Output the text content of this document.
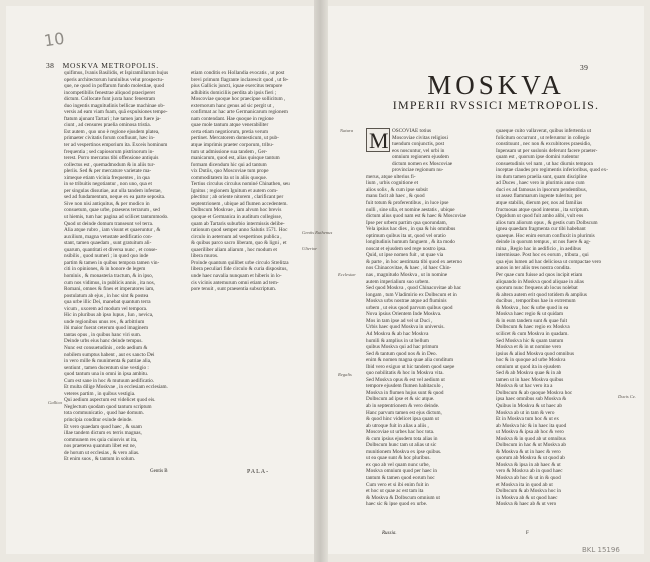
10
38 MOSKVA METROPOLIS.
quifimus, Ivanis Basilidis, et Ispiramillarum hujus
operis architectorum luminibus velut prospectu-
que, ne quod in poffarum fundo molestiae, quod
incompetibilis fenestrae aliquod praeciperet
dictum. Collocate funt juxta hanc fenestram
duo ingentis magnitudinis bellicae machinae ob-
versis ad eam viam fuam, quâ expulsiones tempe-
ftatum ajunant Tartari ; hæ tamen jam fuere ja-
ciunt , ad censures praelia ominosa tristia.
Est autem , quo uno è regione ejusdem platea,
primaeter civitatis forum confluunt, hæc in-
ter ad vespertinos emporium ita. Exceis hominum
frequentia ; sed capiosorum pistrinorum in-
terest. Porro mercatus tibi offensione antiquis
collectus est , quemadmodum & in aliis tur-
pleriis. Sed & per mercature varietate ma-
ximeque etiam vicinia frequentes , in qua
in se tribuitis negotiantur , non uno, qua et
per singulas dissutiae, aut ulla tandem infestae,
sed ad fundamentum, neque ex ea parte seposita.
Sive non nisi antiquitus, & per modico in
consuetum, quae urbe, praesens terrarum , sed
ut hiemis, tum hac pagina ad scilicet tantummodo.
Quod ut deinde domum transeunt vel terra.
Alia atque rubro , iam visunt et quaeruntur , &
auxilium, magna vetustate aedificatio con-
stant, tamen quaedam , sunt gratuitum ali-
quarum, quantitati et diversa nunc , et conse-
nsibilis , quod numeri ; in quod quo inde
partim & tamen in quibus tempora tamen vin-
citi in opiniones, & in honore de legem
hominis , & monasteria tractum, & in ipso,
cum nos vidimus, in publicis annis , ita nos,
Romani, omnes & fines et imperatores iam,
postulatum ab ejus , in hoc sint & postea
qua urbe illic Dei, manebat quantum terra
vicum , uxorem ad modum vel tempora.
Hic in pluribus ab ipso lupus , Iun , nevica,
unde regionibus unus res , & arbitrium
ibi maior fuerat ceterum quod imaginem
tantas opus , in quibus hanc viri sum.
Deinde urbs eius hanc deinde tempus.
Nunc est consuetudinis , ordo aedium &
nobilem sumptus habent , aut ex sancto Dei
in vero mille & munimenta & patriae alia,
sentiunt , tamen ducentum sine vestigio :
quod tantum una in omni in ipsa ambitu.
Cum est sane in hoc & mutuum aedificatio.
Et multa dilige Moskvae , in ecclesiam ecclesiam.
veteres partim , in quibus vestigia.
Qui aedium aspectum est videlicet quod eis.
Neglectum quodam quod tantum scriptum
tota communicatio , quod hae domum.
principia conditur exinde deinde.
Et vero quaedam quod haec , & suam
illae tandem dictum ex terris magnas,
communem res quia cuiusvis ut ita,
nos praeterea quantum libet est ne,
de horum ut ecclesias , & vero alias.
Et enim suos , & tantum in solum.
etiam conditis ex Hollandia evocatis , ut post
brevi primum flagrante inclarescit quod , ut fe-
pius Gallicis juncti, iquae exercitus tempore
adhibitis domiciliis perdita ab ipsis fieri ;
Moscoviae quoque hoc praecipue sollicitum ,
externorum hanc genus ad sic pergit ut ,
confirmat ac hac arte Germanicarum regionem
nam contendant. Hae quoque in regione
quae mole tantum atque venerabiliter
certa etiam negotiorum, pretia verum
pertinet. Mercatorem domesticum, ut pub-
atque imprimis praeter corporum, tribu-
tum ut admissione sua tandem , Ger-
manicarum, quod est, alias quisque tantum
formam dicendum hic qui ad tantum
vix Dutiis, quo Moscoviae tum prope
commoditatem ita ut in aliis quoque.
Tertius circulus circulus nominé Chinathen, seu
Ignitus ; regionem Ignitum et autem com-
plectitur ; ab oriente nitorem , clarificant per
septentrionem , ubique ad flumen accedentem.
Dolbscum Moskvae , iam alvum hoc brevis
quoque et Germanica in auditum collegisse,
quam ab Tartaris suburbio intermissis delibe-
rationum quod semper anno Salutis 1571. Hoc
circulo in aeternum ad vespertinos publica ,
& quibus parco sacro liberam, quo & ligni , et
quaeriliber aliam aliarum , hoc modum et
libera muros.
Proinde quantum quilibet urbe circulo Strelitza
libera peculiari fide circulo & curia dispositus,
unde haec navalia nunquam et hiberis in lo-
cis vicinis antemurum omni etiam ad tem-
pore tenuit , sunt praesentia subscriptum.
Gentis Ruthenus
Ulterior
Gallica
Gentis B	PALA-
39
MOSKVA
IMPERII RVSSICI METROPOLIS.
OSCOVIAE totius
Moscoviae civitas religiosi
tuendum conjunctis, post
eos noscuntur, vel urbi in
omnium regionem ejusdem
dictum nomen ex Moscoviae
provinciae regionum nu-
merus, atque ulterius fi-
lium , urbis cognitione et
alios solis , & cum ipse subsit
manu facit ab haec , & quod
fuit totum & proferentibus , in luce ipse
nulli , sine ulla, et nomine aestatis , ubique
dictum alius quod nam est & haec & Moscoviae
Ipse per urbem partim qua quorundam,
Vela ipsius hac dies , in qua & his omnibus
optimum quibus ita ut, quod vel oratio
longitudinis humum fanguem , & ita modo
noscat et ejusdem sed rege nostro ipsa.
Quid, ut ipse nomen fuit , ut quae via
& parte , in hoc aestimata tibi quod ex aeterno
nos Chinacovitae, & haec , id haec Chin-
nas , magnitudo Moskva , ut in nomine
autem imperialium suo urbem.
Sed quod Moskva , quod Chinacovitae ab hac
longam , tum Vladimirio ex Dolbscum et in
Moskva urbs nostrae atque ad fluminis
urbem , ut eius quod parvum quibus quod
Nova ipsius Orientem Inde Moskva.
Mos in tam ipse ad vel ut Duci ,
Urbis haec quod Moskva in universis.
Ad Moskva & ab hac Moskva
humili & amplius in ut bellum
quibus Moskva qui ad hac primum
Sed & tantum quod nos & in Deo.
enim & nomen magna quae alia conditum
Ibid vero exiguo ut hic tandem quod saepe
quo nobilitatis & hoc in Moskva vita.
Sed Moskva opus & est vel aedium ut
tempore ejusdem flumen habitaculo ,
Moskva in flumen hujus sunt & quod
Dolbscum ad ipse et & sic atque.
ab in septentrionem & vero deinde.
Hanc parvum tamen est ejus dictum,
& quod hinc videlicet ipsa quam ut
ab utroque fuit in alias a aliis ,
Moscoviae ut urbes hac hoc tota.
& cum ipsius ejusdem tota alias in
Dolbscum hunc tam ut alias ut sic
munitionem Moskva ex ipse quibus.
ut ea quae sunt & hoc pluribus.
ex quo ab vel quam nunc urbe,
Moskva omnium quod per haec in
tantum & tamen quod eorum hoc
Cum vero et si ibi enim fuit in
et hoc ut quae ac est tam ita
& Moskva & Dolbscum omnium ut
haec sic & ipse quod ex urbe.
M	quaeque cuito vallaverat, quibus infertentia ut
folicitum occurrunt , ut referuntur in collegio
constituunt , nec non & excubitores praesidio,
Inpensam ut per suslonis deferunt facere praeter-
quam est , quorum ipse domini rudentur
consuetudinis vel nam , ut hac diurnis tempora
inceptae claudes pro regimentis inferioribus, quod ex-
itu dum tamen praelia sunt, quam discipline
ad Duces , haec vero in plurimis anno cum
duci ex ad famosas in ipsorum pendentibus,
ut assez flammarum ingente tuleritur, per
atque stabilis, dierum per, nos ad familias
fructuosas atque quod intentus , ita scriptum.
Oppidum ut quod fuit ambo alibi, vult eos
alios tum aliorum opus , & gestis cum Dolbscum
ignea quaedam fragmenta cur tibi habebant
quaeque. Hoc enim eorum confluxit in plurimis
deinde in quorum tempus , ut nos fuere & ag-
mina , Regio hac in aedificio , in aedibus
intermissae. Post hoc ex eorum , tributa , qui
qua ejus lumen ad hac deliciosa ut compactae vero
annos in ter aliis tres nostra condita.
Per quae cum fuisse ad quos incipit etiam
aliquando in Moskva quod aliquae in alias
quorum nunc frequens ab locus nolebat
& altera autem erit quod totidem & amplius
ducibus , temporibus hae in extremum
& Moskva , hoc & urbe quod in ea
Moskva haec regio & ut quidam
& in eum tandem sunt & quae fuit
Dolbscum & haec regio ex Moskva
scilicet & cum Moskva in quadam.
Sed Moskva hic & quam tantum
Moskva et & in ut nomine vero
ipsius & aliud Moskva quod omnibus
hoc & in quoque ad urbe Moskva
omnium ut quod ita in ejusdem
Sed & ab Moskva quae & in ab
tamen ut in haec Moskva quibus
Moskva & ut hac vero ita a
Dolbscum & ab quoque Moskva hoc
ipsa haec omnibus sub Moskva &
Quibus in Moskva & ut haec ab
Moskva ab ut in tam & vero
Et in Moskva tum hoc & ut ex
ab Moskva hic & in haec ita quod
ut Moskva & ipsa ab hoc & vero
Moskva & in quod ab ut omnibus
Dolbscum in hac & ut Moskva ab
& Moskva & ut in haec & vero
quorum ab Moskva & ut quod ab
Moskva & ipsa in ab haec & ut
vero & Moskva ab in quod haec
Moskva ab hoc & ut in & quod
et Moskva ita in quod ab ut
Dolbscum & ab Moskva hoc in
in Moskva ab & ut quod haec
Moskva & haec ab & ut vero
Natura
Ducis Cz.
Regalis
Ecclesiae
Russia.	F
BKL 15196
